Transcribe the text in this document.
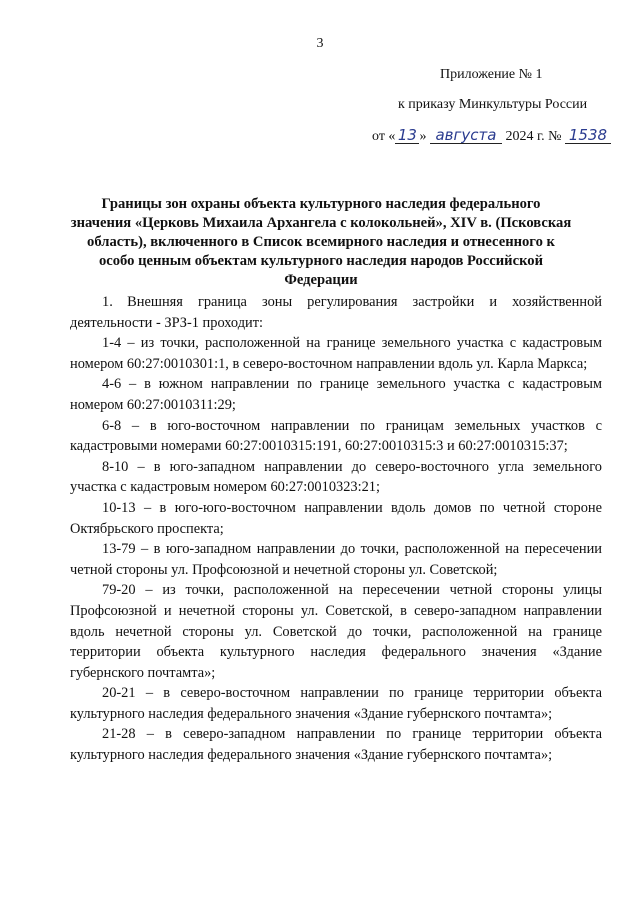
3
Приложение № 1
к приказу Минкультуры России
от « 13 » августа 2024 г. № 1538
Границы зон охраны объекта культурного наследия федерального значения «Церковь Михаила Архангела с колокольней», XIV в. (Псковская область), включенного в Список всемирного наследия и отнесенного к особо ценным объектам культурного наследия народов Российской Федерации

1. Внешняя граница зоны регулирования застройки и хозяйственной деятельности - ЗРЗ-1 проходит:

1-4 – из точки, расположенной на границе земельного участка с кадастровым номером 60:27:0010301:1, в северо-восточном направлении вдоль ул. Карла Маркса;

4-6 – в южном направлении по границе земельного участка с кадастровым номером 60:27:0010311:29;

6-8 – в юго-восточном направлении по границам земельных участков с кадастровыми номерами 60:27:0010315:191, 60:27:0010315:3 и 60:27:0010315:37;

8-10 – в юго-западном направлении до северо-восточного угла земельного участка с кадастровым номером 60:27:0010323:21;

10-13 – в юго-юго-восточном направлении вдоль домов по четной стороне Октябрьского проспекта;

13-79 – в юго-западном направлении до точки, расположенной на пересечении четной стороны ул. Профсоюзной и нечетной стороны ул. Советской;

79-20 – из точки, расположенной на пересечении четной стороны улицы Профсоюзной и нечетной стороны ул. Советской, в северо-западном направлении вдоль нечетной стороны ул. Советской до точки, расположенной на границе территории объекта культурного наследия федерального значения «Здание губернского почтамта»;

20-21 – в северо-восточном направлении по границе территории объекта культурного наследия федерального значения «Здание губернского почтамта»;

21-28 – в северо-западном направлении по границе территории объекта культурного наследия федерального значения «Здание губернского почтамта»;
